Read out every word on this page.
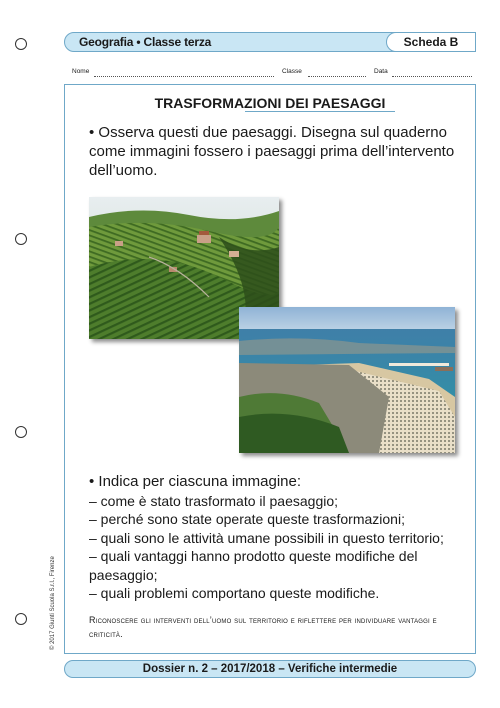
Geografia • Classe terza	Scheda B
Nome	Classe	Data
TRASFORMAZIONI DEI PAESAGGI
• Osserva questi due paesaggi. Disegna sul quaderno come immagini fossero i paesaggi prima dell’intervento dell’uomo.
• Indica per ciascuna immagine:
– come è stato trasformato il paesaggio;
– perché sono state operate queste trasformazioni;
– quali sono le attività umane possibili in questo territorio;
– quali vantaggi hanno prodotto queste modifiche del
paesaggio;
– quali problemi comportano queste modifiche.
Riconoscere gli interventi dell’uomo sul territorio e riflettere per individuare vantaggi e criticità.
© 2017 Giunti Scuola S.r.l., Firenze
Dossier n. 2 – 2017/2018 – Verifiche intermedie
